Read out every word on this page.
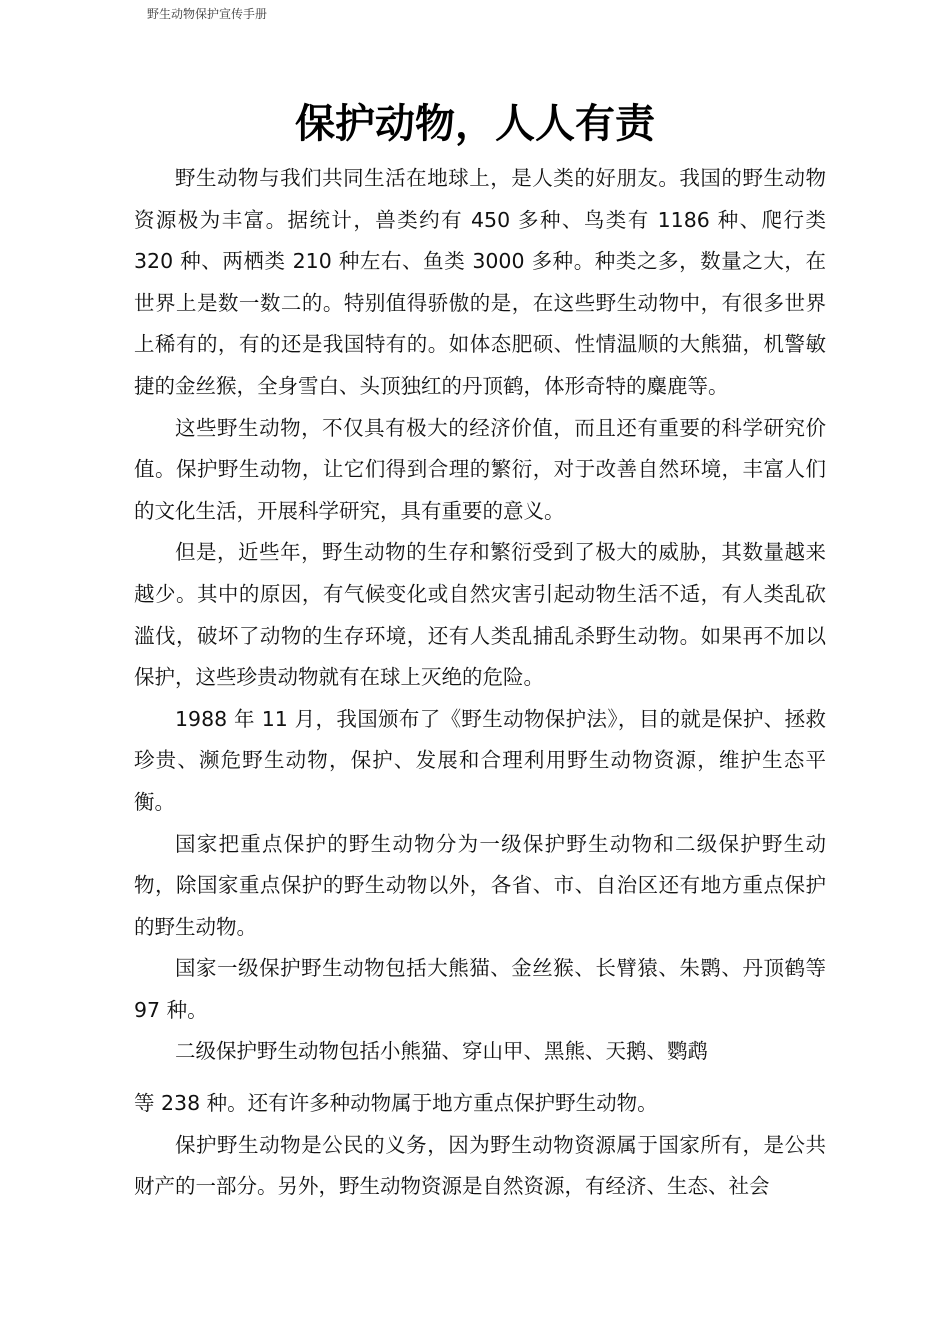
野生动物保护宣传手册
保护动物，人人有责

野生动物与我们共同生活在地球上，是人类的好朋友。我国的野生动物资源极为丰富。据统计，兽类约有 450 多种、鸟类有 1186 种、爬行类 320 种、两栖类 210 种左右、鱼类 3000 多种。种类之多，数量之大，在世界上是数一数二的。特别值得骄傲的是，在这些野生动物中，有很多世界上稀有的，有的还是我国特有的。如体态肥硕、性情温顺的大熊猫，机警敏捷的金丝猴，全身雪白、头顶独红的丹顶鹤，体形奇特的麋鹿等。

这些野生动物，不仅具有极大的经济价值，而且还有重要的科学研究价值。保护野生动物，让它们得到合理的繁衍，对于改善自然环境，丰富人们的文化生活，开展科学研究，具有重要的意义。

但是，近些年，野生动物的生存和繁衍受到了极大的威胁，其数量越来越少。其中的原因，有气候变化或自然灾害引起动物生活不适，有人类乱砍滥伐，破坏了动物的生存环境，还有人类乱捕乱杀野生动物。如果再不加以保护，这些珍贵动物就有在球上灭绝的危险。

1988 年 11 月，我国颁布了《野生动物保护法》，目的就是保护、拯救珍贵、濒危野生动物，保护、发展和合理利用野生动物资源，维护生态平衡。

国家把重点保护的野生动物分为一级保护野生动物和二级保护野生动物，除国家重点保护的野生动物以外，各省、市、自治区还有地方重点保护的野生动物。

国家一级保护野生动物包括大熊猫、金丝猴、长臂猿、朱鹮、丹顶鹤等 97 种。

二级保护野生动物包括小熊猫、穿山甲、黑熊、天鹅、鹦鹉

等 238 种。还有许多种动物属于地方重点保护野生动物。

保护野生动物是公民的义务，因为野生动物资源属于国家所有，是公共财产的一部分。另外，野生动物资源是自然资源，有经济、生态、社会
